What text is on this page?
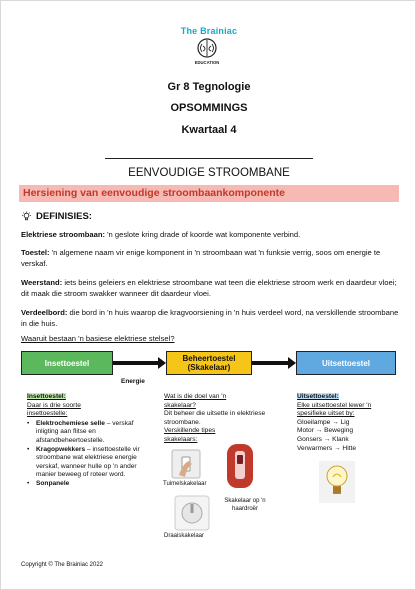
The Brainiac
EDUCATION
Gr 8 Tegnologie
OPSOMMINGS
Kwartaal 4
EENVOUDIGE STROOMBANE
Hersiening van eenvoudige stroombaankomponente
DEFINISIES:

Elektriese stroombaan: 'n geslote kring drade of koorde wat komponente verbind.

Toestel: 'n algemene naam vir enige komponent in 'n stroombaan wat 'n funksie verrig, soos om energie te verskaf.

Weerstand: iets beins geleiers en elektriese stroombane wat teen die elektriese stroom werk en daardeur vloei; dit maak die stroom swakker wanneer dit daardeur vloei.

Verdeelbord: die bord in 'n huis waarop die kragvoorsiening in 'n huis verdeel word, na verskillende stroombane in die huis.

Waaruit bestaan 'n basiese elektriese stelsel?
Insettoestel	Beheertoestel
(Skakelaar)	Uitsettoestel
Energie
Insettoestel:
Daar is drie soorte
insettoestelle:
• Elektrochemiese selle – verskaf inligting aan flitse en afstandbeheertoestelle.
• Kragopwekkers – insettoestelle vir stroombane wat elektriese energie verskaf, wanneer hulle op 'n ander manier beweeg of roteer word.
• Sonpanele
Wat is die doel van 'n
skakelaar?
Dit beheer die uitsette in elektriese stroombane.
Verskillende tipes
skakelaars:
Tuimelskakelaar
Skakelaar op 'n
haardroër
Draaiskakelaar
Uitsettoestel:
Elke uitsettoestel lewer 'n
spesifieke uitset by:
Gloeilampe → Lig
Motor → Beweging
Gonsers → Klank
Verwarmers → Hitte
Copyright © The Brainiac 2022
